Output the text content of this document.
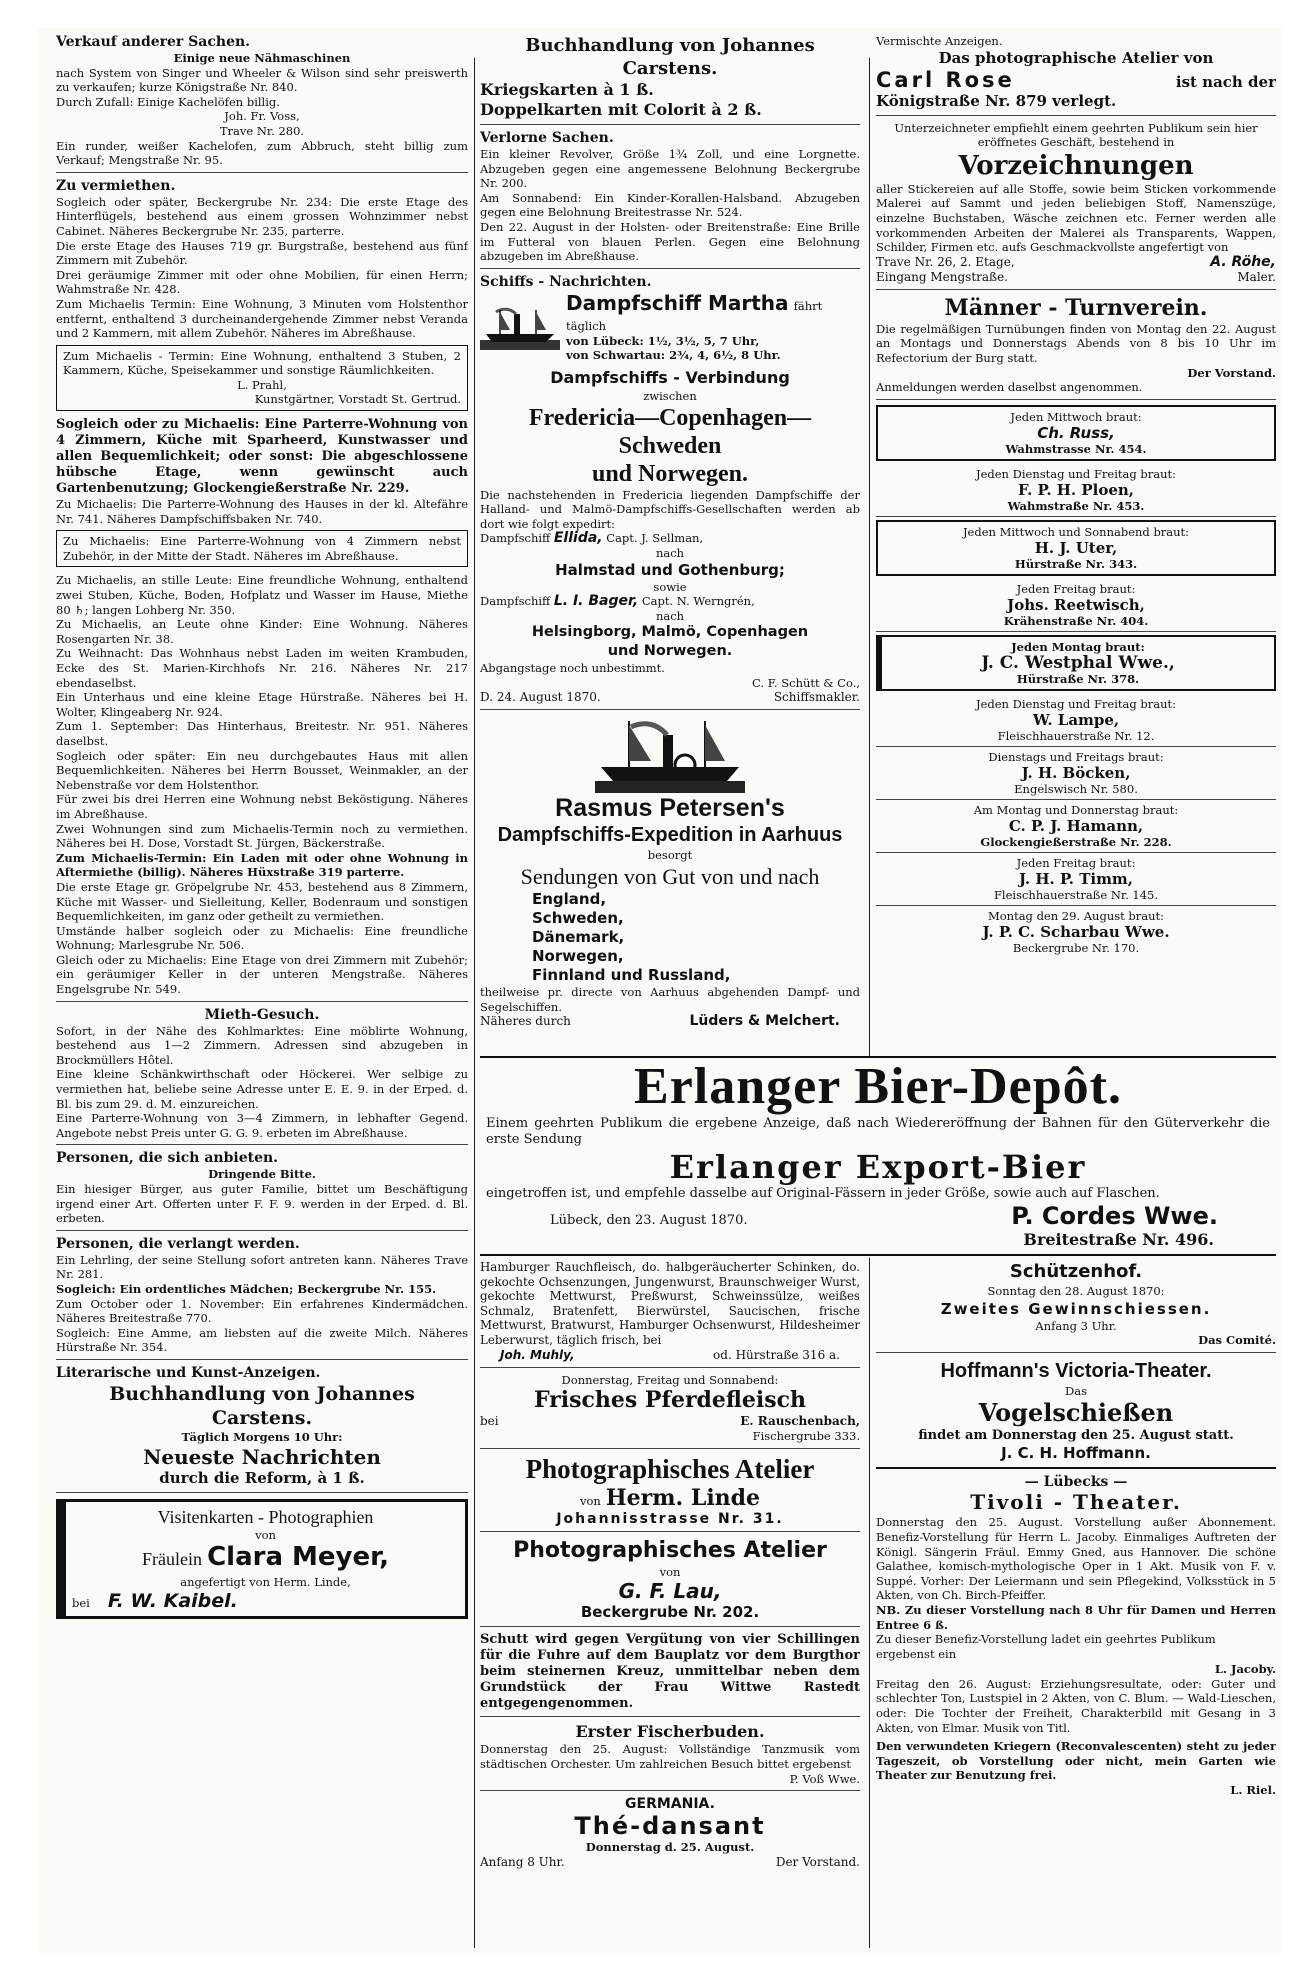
Verkauf anderer Sachen.
Einige neue Nähmaschinen

nach System von Singer und Wheeler & Wilson sind sehr preiswerth zu verkaufen; kurze Königstraße Nr. 840.

Durch Zufall: Einige Kachelöfen billig.

Joh. Fr. Voss,
Trave Nr. 280.

Ein runder, weißer Kachelofen, zum Abbruch, steht billig zum Verkauf; Mengstraße Nr. 95.

Zu vermiethen.

Sogleich oder später, Beckergrube Nr. 234: Die erste Etage des Hinterflügels, bestehend aus einem grossen Wohnzimmer nebst Cabinet. Näheres Beckergrube Nr. 235, parterre.

Die erste Etage des Hauses 719 gr. Burgstraße, bestehend aus fünf Zimmern mit Zubehör.

Drei geräumige Zimmer mit oder ohne Mobilien, für einen Herrn; Wahmstraße Nr. 428.

Zum Michaelis Termin: Eine Wohnung, 3 Minuten vom Holstenthor entfernt, enthaltend 3 durcheinandergehende Zimmer nebst Veranda und 2 Kammern, mit allem Zubehör. Näheres im Abreßhause.

Zum Michaelis - Termin: Eine Wohnung, enthaltend 3 Stuben, 2 Kammern, Küche, Speisekammer und sonstige Räumlichkeiten.

L. Prahl,
Kunstgärtner, Vorstadt St. Gertrud.

Sogleich oder zu Michaelis: Eine Parterre-Wohnung von 4 Zimmern, Küche mit Sparheerd, Kunstwasser und allen Bequemlichkeit; oder sonst: Die abgeschlossene hübsche Etage, wenn gewünscht auch Gartenbenutzung; Glockengießerstraße Nr. 229.

Zu Michaelis: Die Parterre-Wohnung des Hauses in der kl. Altefähre Nr. 741. Näheres Dampfschiffsbaken Nr. 740.

Zu Michaelis: Eine Parterre-Wohnung von 4 Zimmern nebst Zubehör, in der Mitte der Stadt. Näheres im Abreßhause.

Zu Michaelis, an stille Leute: Eine freundliche Wohnung, enthaltend zwei Stuben, Küche, Boden, Hofplatz und Wasser im Hause, Miethe 80 ♄; langen Lohberg Nr. 350.

Zu Michaelis, an Leute ohne Kinder: Eine Wohnung. Näheres Rosengarten Nr. 38.

Zu Weihnacht: Das Wohnhaus nebst Laden im weiten Krambuden, Ecke des St. Marien-Kirchhofs Nr. 216. Näheres Nr. 217 ebendaselbst.

Ein Unterhaus und eine kleine Etage Hürstraße. Näheres bei H. Wolter, Klingeaberg Nr. 924.

Zum 1. September: Das Hinterhaus, Breitestr. Nr. 951. Näheres daselbst.

Sogleich oder später: Ein neu durchgebautes Haus mit allen Bequemlichkeiten. Näheres bei Herrn Bousset, Weinmakler, an der Nebenstraße vor dem Holstenthor.

Für zwei bis drei Herren eine Wohnung nebst Beköstigung. Näheres im Abreßhause.

Zwei Wohnungen sind zum Michaelis-Termin noch zu vermiethen. Näheres bei H. Dose, Vorstadt St. Jürgen, Bäckerstraße.

Zum Michaelis-Termin: Ein Laden mit oder ohne Wohnung in Aftermiethe (billig). Näheres Hüxstraße 319 parterre.

Die erste Etage gr. Gröpelgrube Nr. 453, bestehend aus 8 Zimmern, Küche mit Wasser- und Sielleitung, Keller, Bodenraum und sonstigen Bequemlichkeiten, im ganz oder getheilt zu vermiethen.

Umstände halber sogleich oder zu Michaelis: Eine freundliche Wohnung; Marlesgrube Nr. 506.

Gleich oder zu Michaelis: Eine Etage von drei Zimmern mit Zubehör; ein geräumiger Keller in der unteren Mengstraße. Näheres Engelsgrube Nr. 549.

Mieth-Gesuch.

Sofort, in der Nähe des Kohlmarktes: Eine möblirte Wohnung, bestehend aus 1—2 Zimmern. Adressen sind abzugeben in Brockmüllers Hôtel.

Eine kleine Schänkwirthschaft oder Höckerei. Wer selbige zu vermiethen hat, beliebe seine Adresse unter E. E. 9. in der Erped. d. Bl. bis zum 29. d. M. einzureichen.

Eine Parterre-Wohnung von 3—4 Zimmern, in lebhafter Gegend. Angebote nebst Preis unter G. G. 9. erbeten im Abreßhause.

Personen, die sich anbieten.
Dringende Bitte.

Ein hiesiger Bürger, aus guter Familie, bittet um Beschäftigung irgend einer Art. Offerten unter F. F. 9. werden in der Erped. d. Bl. erbeten.

Personen, die verlangt werden.

Ein Lehrling, der seine Stellung sofort antreten kann. Näheres Trave Nr. 281.

Sogleich: Ein ordentliches Mädchen; Beckergrube Nr. 155.

Zum October oder 1. November: Ein erfahrenes Kindermädchen. Näheres Breitestraße 770.

Sogleich: Eine Amme, am liebsten auf die zweite Milch. Näheres Hürstraße Nr. 354.

Literarische und Kunst-Anzeigen.
Buchhandlung von Johannes Carstens.
Täglich Morgens 10 Uhr:
Neueste Nachrichten
durch die Reform, à 1 ß.
Visitenkarten - Photographien
von
Fräulein Clara Meyer,
angefertigt von Herm. Linde,
bei F. W. Kaibel.
Buchhandlung von Johannes Carstens.
Kriegskarten à 1 ß.
Doppelkarten mit Colorit à 2 ß.
Verlorne Sachen.

Ein kleiner Revolver, Größe 1¾ Zoll, und eine Lorgnette. Abzugeben gegen eine angemessene Belohnung Beckergrube Nr. 200.

Am Sonnabend: Ein Kinder-Korallen-Halsband. Abzugeben gegen eine Belohnung Breitestrasse Nr. 524.

Den 22. August in der Holsten- oder Breitenstraße: Eine Brille im Futteral von blauen Perlen. Gegen eine Belohnung abzugeben im Abreßhause.

Schiffs - Nachrichten.
Dampfschiff Martha fährt täglich
von Lübeck: 1½, 3½, 5, 7 Uhr,
von Schwartau: 2¾, 4, 6½, 8 Uhr.
Dampfschiffs - Verbindung
zwischen
Fredericia—Copenhagen—Schweden
und Norwegen.

Die nachstehenden in Fredericia liegenden Dampfschiffe der Halland- und Malmö-Dampfschiffs-Gesellschaften werden ab dort wie folgt expedirt:

Dampfschiff Ellida, Capt. J. Sellman,
nach
Halmstad und Gothenburg;
sowie
Dampfschiff L. I. Bager, Capt. N. Werngrén,
nach
Helsingborg, Malmö, Copenhagen
und Norwegen.
Abgangstage noch unbestimmt.
C. F. Schütt & Co.,
D. 24. August 1870.	Schiffsmakler.
Rasmus Petersen's
Dampfschiffs-Expedition in Aarhuus
besorgt
Sendungen von Gut von und nach
England,
Schweden,
Dänemark,
Norwegen,
Finnland und Russland,

theilweise pr. directe von Aarhuus abgehenden Dampf- und Segelschiffen.

Näheres durch	Lüders & Melchert.
Vermischte Anzeigen.
Das photographische Atelier von
Carl Rose	ist nach der
Königstraße Nr. 879 verlegt.

Unterzeichneter empfiehlt einem geehrten Publikum sein hier eröffnetes Geschäft, bestehend in

Vorzeichnungen

aller Stickereien auf alle Stoffe, sowie beim Sticken vorkommende Malerei auf Sammt und jeden beliebigen Stoff, Namenszüge, einzelne Buchstaben, Wäsche zeichnen etc. Ferner werden alle vorkommenden Arbeiten der Malerei als Transparents, Wappen, Schilder, Firmen etc. aufs Geschmackvollste angefertigt von

Trave Nr. 26, 2. Etage,	A. Röhe,
Eingang Mengstraße.	Maler.
Männer - Turnverein.

Die regelmäßigen Turnübungen finden von Montag den 22. August an Montags und Donnerstags Abends von 8 bis 10 Uhr im Refectorium der Burg statt.

Der Vorstand.
Anmeldungen werden daselbst angenommen.
Jeden Mittwoch braut:
Ch. Russ,
Wahmstrasse Nr. 454.
Jeden Dienstag und Freitag braut:
F. P. H. Ploen,
Wahmstraße Nr. 453.
Jeden Mittwoch und Sonnabend braut:
H. J. Uter,
Hürstraße Nr. 343.
Jeden Freitag braut:
Johs. Reetwisch,
Krähenstraße Nr. 404.
Jeden Montag braut:
J. C. Westphal Wwe.,
Hürstraße Nr. 378.
Jeden Dienstag und Freitag braut:
W. Lampe,
Fleischhauerstraße Nr. 12.
Dienstags und Freitags braut:
J. H. Böcken,
Engelswisch Nr. 580.
Am Montag und Donnerstag braut:
C. P. J. Hamann,
Glockengießerstraße Nr. 228.
Jeden Freitag braut:
J. H. P. Timm,
Fleischhauerstraße Nr. 145.
Montag den 29. August braut:
J. P. C. Scharbau Wwe.
Beckergrube Nr. 170.
Erlanger Bier-Depôt.

Einem geehrten Publikum die ergebene Anzeige, daß nach Wiedereröffnung der Bahnen für den Güterverkehr die erste Sendung

Erlanger Export-Bier

eingetroffen ist, und empfehle dasselbe auf Original-Fässern in jeder Größe, sowie auch auf Flaschen.

Lübeck, den 23. August 1870.	P. Cordes Wwe.
Breitestraße Nr. 496.

Hamburger Rauchfleisch, do. halbgeräucherter Schinken, do. gekochte Ochsenzungen, Jungenwurst, Braunschweiger Wurst, gekochte Mettwurst, Preßwurst, Schweinssülze, weißes Schmalz, Bratenfett, Bierwürstel, Saucischen, frische Mettwurst, Bratwurst, Hamburger Ochsenwurst, Hildesheimer Leberwurst, täglich frisch, bei

Joh. Muhly,	od. Hürstraße 316 a.
Donnerstag, Freitag und Sonnabend:
Frisches Pferdefleisch
bei	E. Rauschenbach,
Fischergrube 333.
Photographisches Atelier
von Herm. Linde
Johannisstrasse Nr. 31.
Photographisches Atelier
von
G. F. Lau,
Beckergrube Nr. 202.

Schutt wird gegen Vergütung von vier Schillingen für die Fuhre auf dem Bauplatz vor dem Burgthor beim steinernen Kreuz, unmittelbar neben dem Grundstück der Frau Wittwe Rastedt entgegengenommen.

Erster Fischerbuden.

Donnerstag den 25. August: Vollständige Tanzmusik vom städtischen Orchester. Um zahlreichen Besuch bittet ergebenst

P. Voß Wwe.
GERMANIA.
Thé-dansant
Donnerstag d. 25. August.
Anfang 8 Uhr.	Der Vorstand.
Schützenhof.
Sonntag den 28. August 1870:
Zweites Gewinnschiessen.
Anfang 3 Uhr.
Das Comité.
Hoffmann's Victoria-Theater.
Das
Vogelschießen
findet am Donnerstag den 25. August statt.
J. C. H. Hoffmann.
— Lübecks —
Tivoli - Theater.

Donnerstag den 25. August. Vorstellung außer Abonnement. Benefiz-Vorstellung für Herrn L. Jacoby. Einmaliges Auftreten der Königl. Sängerin Fräul. Emmy Gned, aus Hannover. Die schöne Galathee, komisch-mythologische Oper in 1 Akt. Musik von F. v. Suppé. Vorher: Der Leiermann und sein Pflegekind, Volksstück in 5 Akten, von Ch. Birch-Pfeiffer.

NB. Zu dieser Vorstellung nach 8 Uhr für Damen und Herren Entree 6 ß.

Zu dieser Benefiz-Vorstellung ladet ein geehrtes Publikum ergebenst ein
L. Jacoby.

Freitag den 26. August: Erziehungsresultate, oder: Guter und schlechter Ton, Lustspiel in 2 Akten, von C. Blum. — Wald-Lieschen, oder: Die Tochter der Freiheit, Charakterbild mit Gesang in 3 Akten, von Elmar. Musik von Titl.

Den verwundeten Kriegern (Reconvalescenten) steht zu jeder Tageszeit, ob Vorstellung oder nicht, mein Garten wie Theater zur Benutzung frei.

L. Riel.
